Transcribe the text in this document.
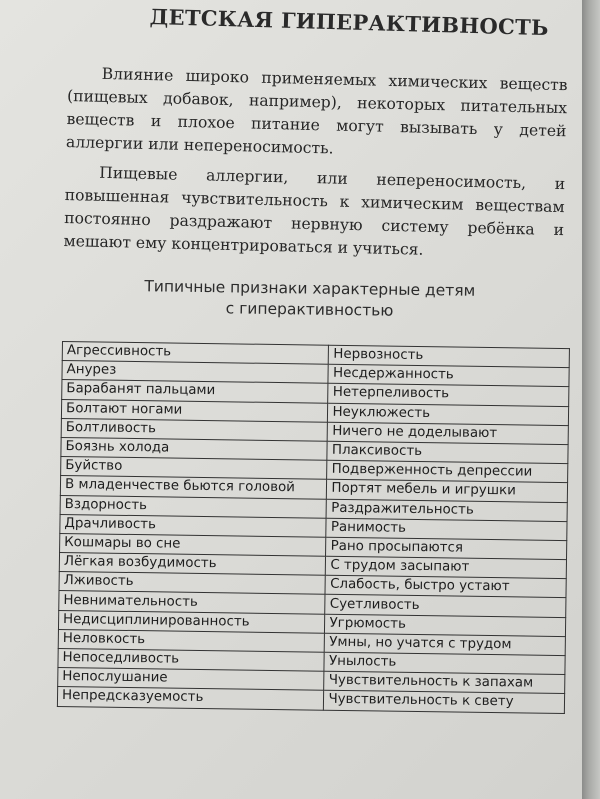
ДЕТСКАЯ ГИПЕРАКТИВНОСТЬ

Влияние широко применяемых химических веществ (пищевых добавок, например), некоторых питательных веществ и плохое питание могут вызывать у детей аллергии или непереносимость.

Пищевые аллергии, или непереносимость, и повышенная чувствительность к химическим веществам постоянно раздражают нервную систему ребёнка и мешают ему концентрироваться и учиться.

Типичные признаки характерные детям
с гиперактивностью
Агрессивность	Нервозность
Анурез	Несдержанность
Барабанят пальцами	Нетерпеливость
Болтают ногами	Неуклюжесть
Болтливость	Ничего не доделывают
Боязнь холода	Плаксивость
Буйство	Подверженность депрессии
В младенчестве бьются головой	Портят мебель и игрушки
Вздорность	Раздражительность
Драчливость	Ранимость
Кошмары во сне	Рано просыпаются
Лёгкая возбудимость	С трудом засыпают
Лживость	Слабость, быстро устают
Невнимательность	Суетливость
Недисциплинированность	Угрюмость
Неловкость	Умны, но учатся с трудом
Непоседливость	Унылость
Непослушание	Чувствительность к запахам
Непредсказуемость	Чувствительность к свету
